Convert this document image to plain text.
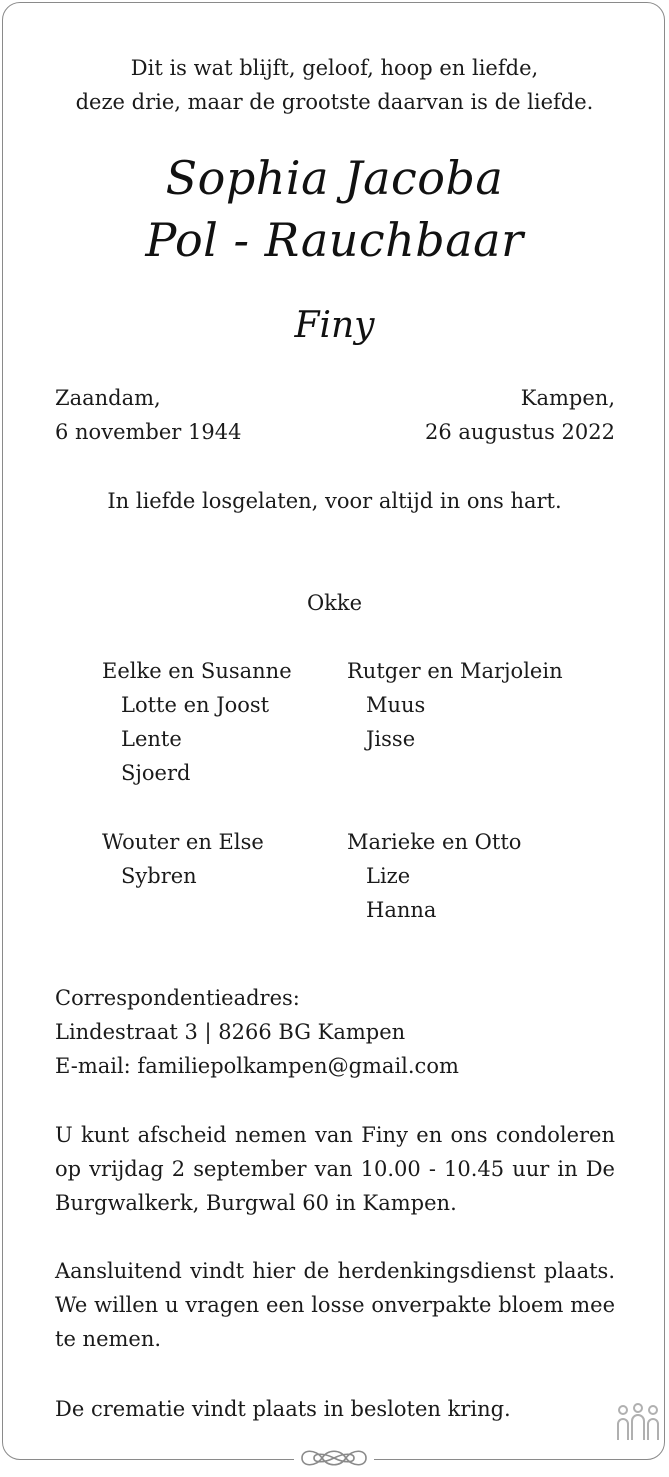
Dit is wat blijft, geloof, hoop en liefde,
deze drie, maar de grootste daarvan is de liefde.
Sophia Jacoba
Pol - Rauchbaar
Finy
Zaandam,
6 november 1944
Kampen,
26 augustus 2022
In liefde losgelaten, voor altijd in ons hart.
Okke
Eelke en Susanne
Lotte en Joost
Lente
Sjoerd
Wouter en Else
Sybren
Rutger en Marjolein
Muus
Jisse
Marieke en Otto
Lize
Hanna
Correspondentieadres:
Lindestraat 3 | 8266 BG Kampen
E-mail: familiepolkampen@gmail.com
U kunt afscheid nemen van Finy en ons condoleren op vrijdag 2 september van 10.00 - 10.45 uur in De Burgwalkerk, Burgwal 60 in Kampen.
Aansluitend vindt hier de herdenkingsdienst plaats. We willen u vragen een losse onverpakte bloem mee te nemen.
De crematie vindt plaats in besloten kring.
